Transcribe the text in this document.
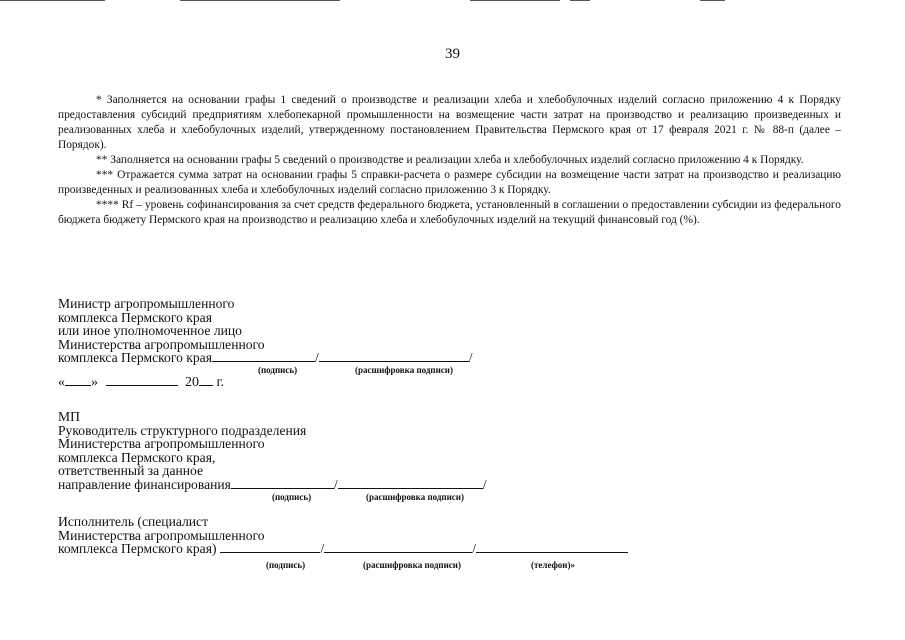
39

* Заполняется на основании графы 1 сведений о производстве и реализации хлеба и хлебобулочных изделий согласно приложению 4 к Порядку предоставления субсидий предприятиям хлебопекарной промышленности на возмещение части затрат на производство и реализацию произведенных и реализованных хлеба и хлебобулочных изделий, утвержденному постановлением Правительства Пермского края от 17 февраля 2021 г. № 88-п (далее – Порядок).

** Заполняется на основании графы 5 сведений о производстве и реализации хлеба и хлебобулочных изделий согласно приложению 4 к Порядку.

*** Отражается сумма затрат на основании графы 5 справки-расчета о размере субсидии на возмещение части затрат на производство и реализацию произведенных и реализованных хлеба и хлебобулочных изделий согласно приложению 3 к Порядку.

**** Rf – уровень софинансирования за счет средств федерального бюджета, установленный в соглашении о предоставлении субсидии из федерального бюджета бюджету Пермского края на производство и реализацию хлеба и хлебобулочных изделий на текущий финансовый год (%).

Министр агропромышленного
комплекса Пермского края
или иное уполномоченное лицо
Министерства агропромышленного
комплекса Пермского края	/	/
(подпись)	(расшифровка подписи)
« »	20 г.
МП
Руководитель структурного подразделения
Министерства агропромышленного
комплекса Пермского края,
ответственный за данное
направление финансирования	/	/
(подпись)	(расшифровка подписи)
Исполнитель (специалист
Министерства агропромышленного
комплекса Пермского края)	/	/
(подпись)	(расшифровка подписи)	(телефон)»
